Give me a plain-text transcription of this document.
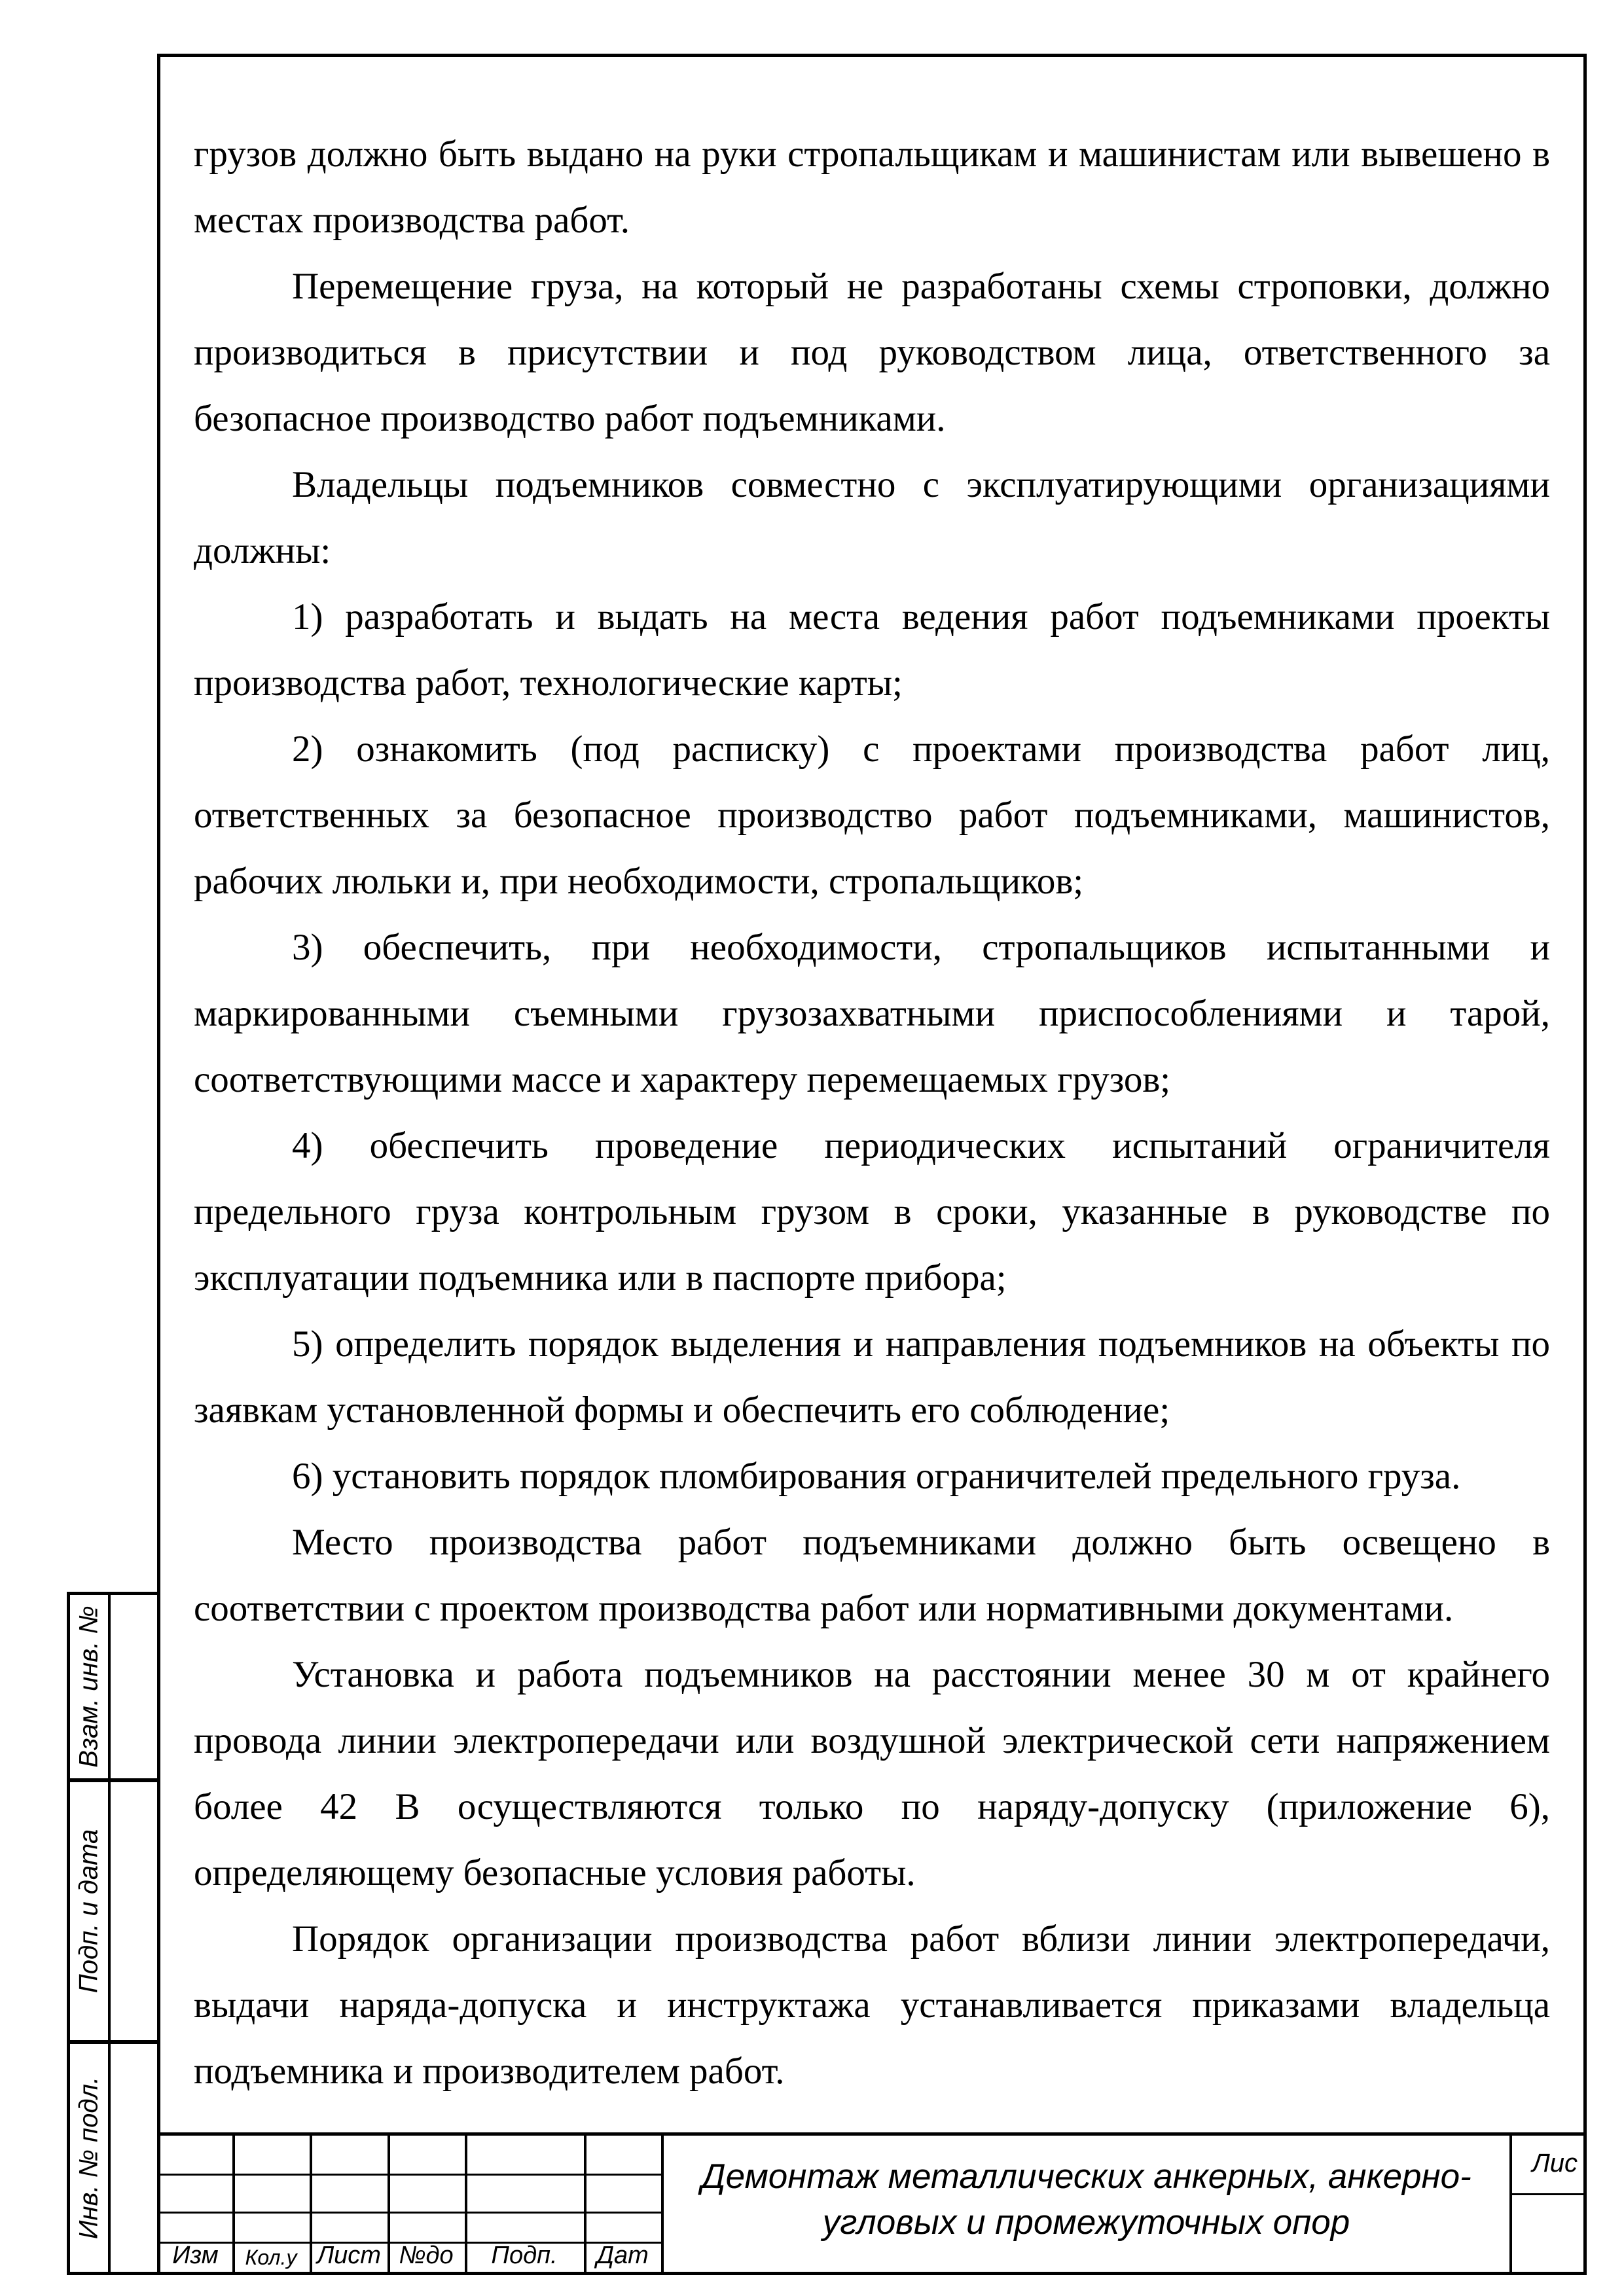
грузов должно быть выдано на руки стропальщикам и машинистам или вывешено в местах производства работ.

Перемещение груза, на который не разработаны схемы строповки, должно производиться в присутствии и под руководством лица, ответственного за безопасное производство работ подъемниками.

Владельцы подъемников совместно с эксплуатирующими организациями должны:

1) разработать и выдать на места ведения работ подъемниками проекты производства работ, технологические карты;

2) ознакомить (под расписку) с проектами производства работ лиц, ответственных за безопасное производство работ подъемниками, машинистов, рабочих люльки и, при необходимости, стропальщиков;

3) обеспечить, при необходимости, стропальщиков испытанными и маркированными съемными грузозахватными приспособлениями и тарой, соответствующими массе и характеру перемещаемых грузов;

4) обеспечить проведение периодических испытаний ограничителя предельного груза контрольным грузом в сроки, указанные в руководстве по эксплуатации подъемника или в паспорте прибора;

5) определить порядок выделения и направления подъемников на объекты по заявкам установленной формы и обеспечить его соблюдение;

6) установить порядок пломбирования ограничителей предельного груза.

Место производства работ подъемниками должно быть освещено в соответствии с проектом производства работ или нормативными документами.

Установка и работа подъемников на расстоянии менее 30 м от крайнего провода линии электропередачи или воздушной электрической сети напряжением более 42 В осуществляются только по наряду-допуску (приложение 6), определяющему безопасные условия работы.

Порядок организации производства работ вблизи линии электропередачи, выдачи наряда-допуска и инструктажа устанавливается приказами владельца подъемника и производителем работ.

Взам. инв. №
Подп. и дата
Инв. № подл.
Изм	Кол.у Лист №до	Подп.	Дат
Демонтаж металлических анкерных, анкерно-
угловых и промежуточных опор
Лис
